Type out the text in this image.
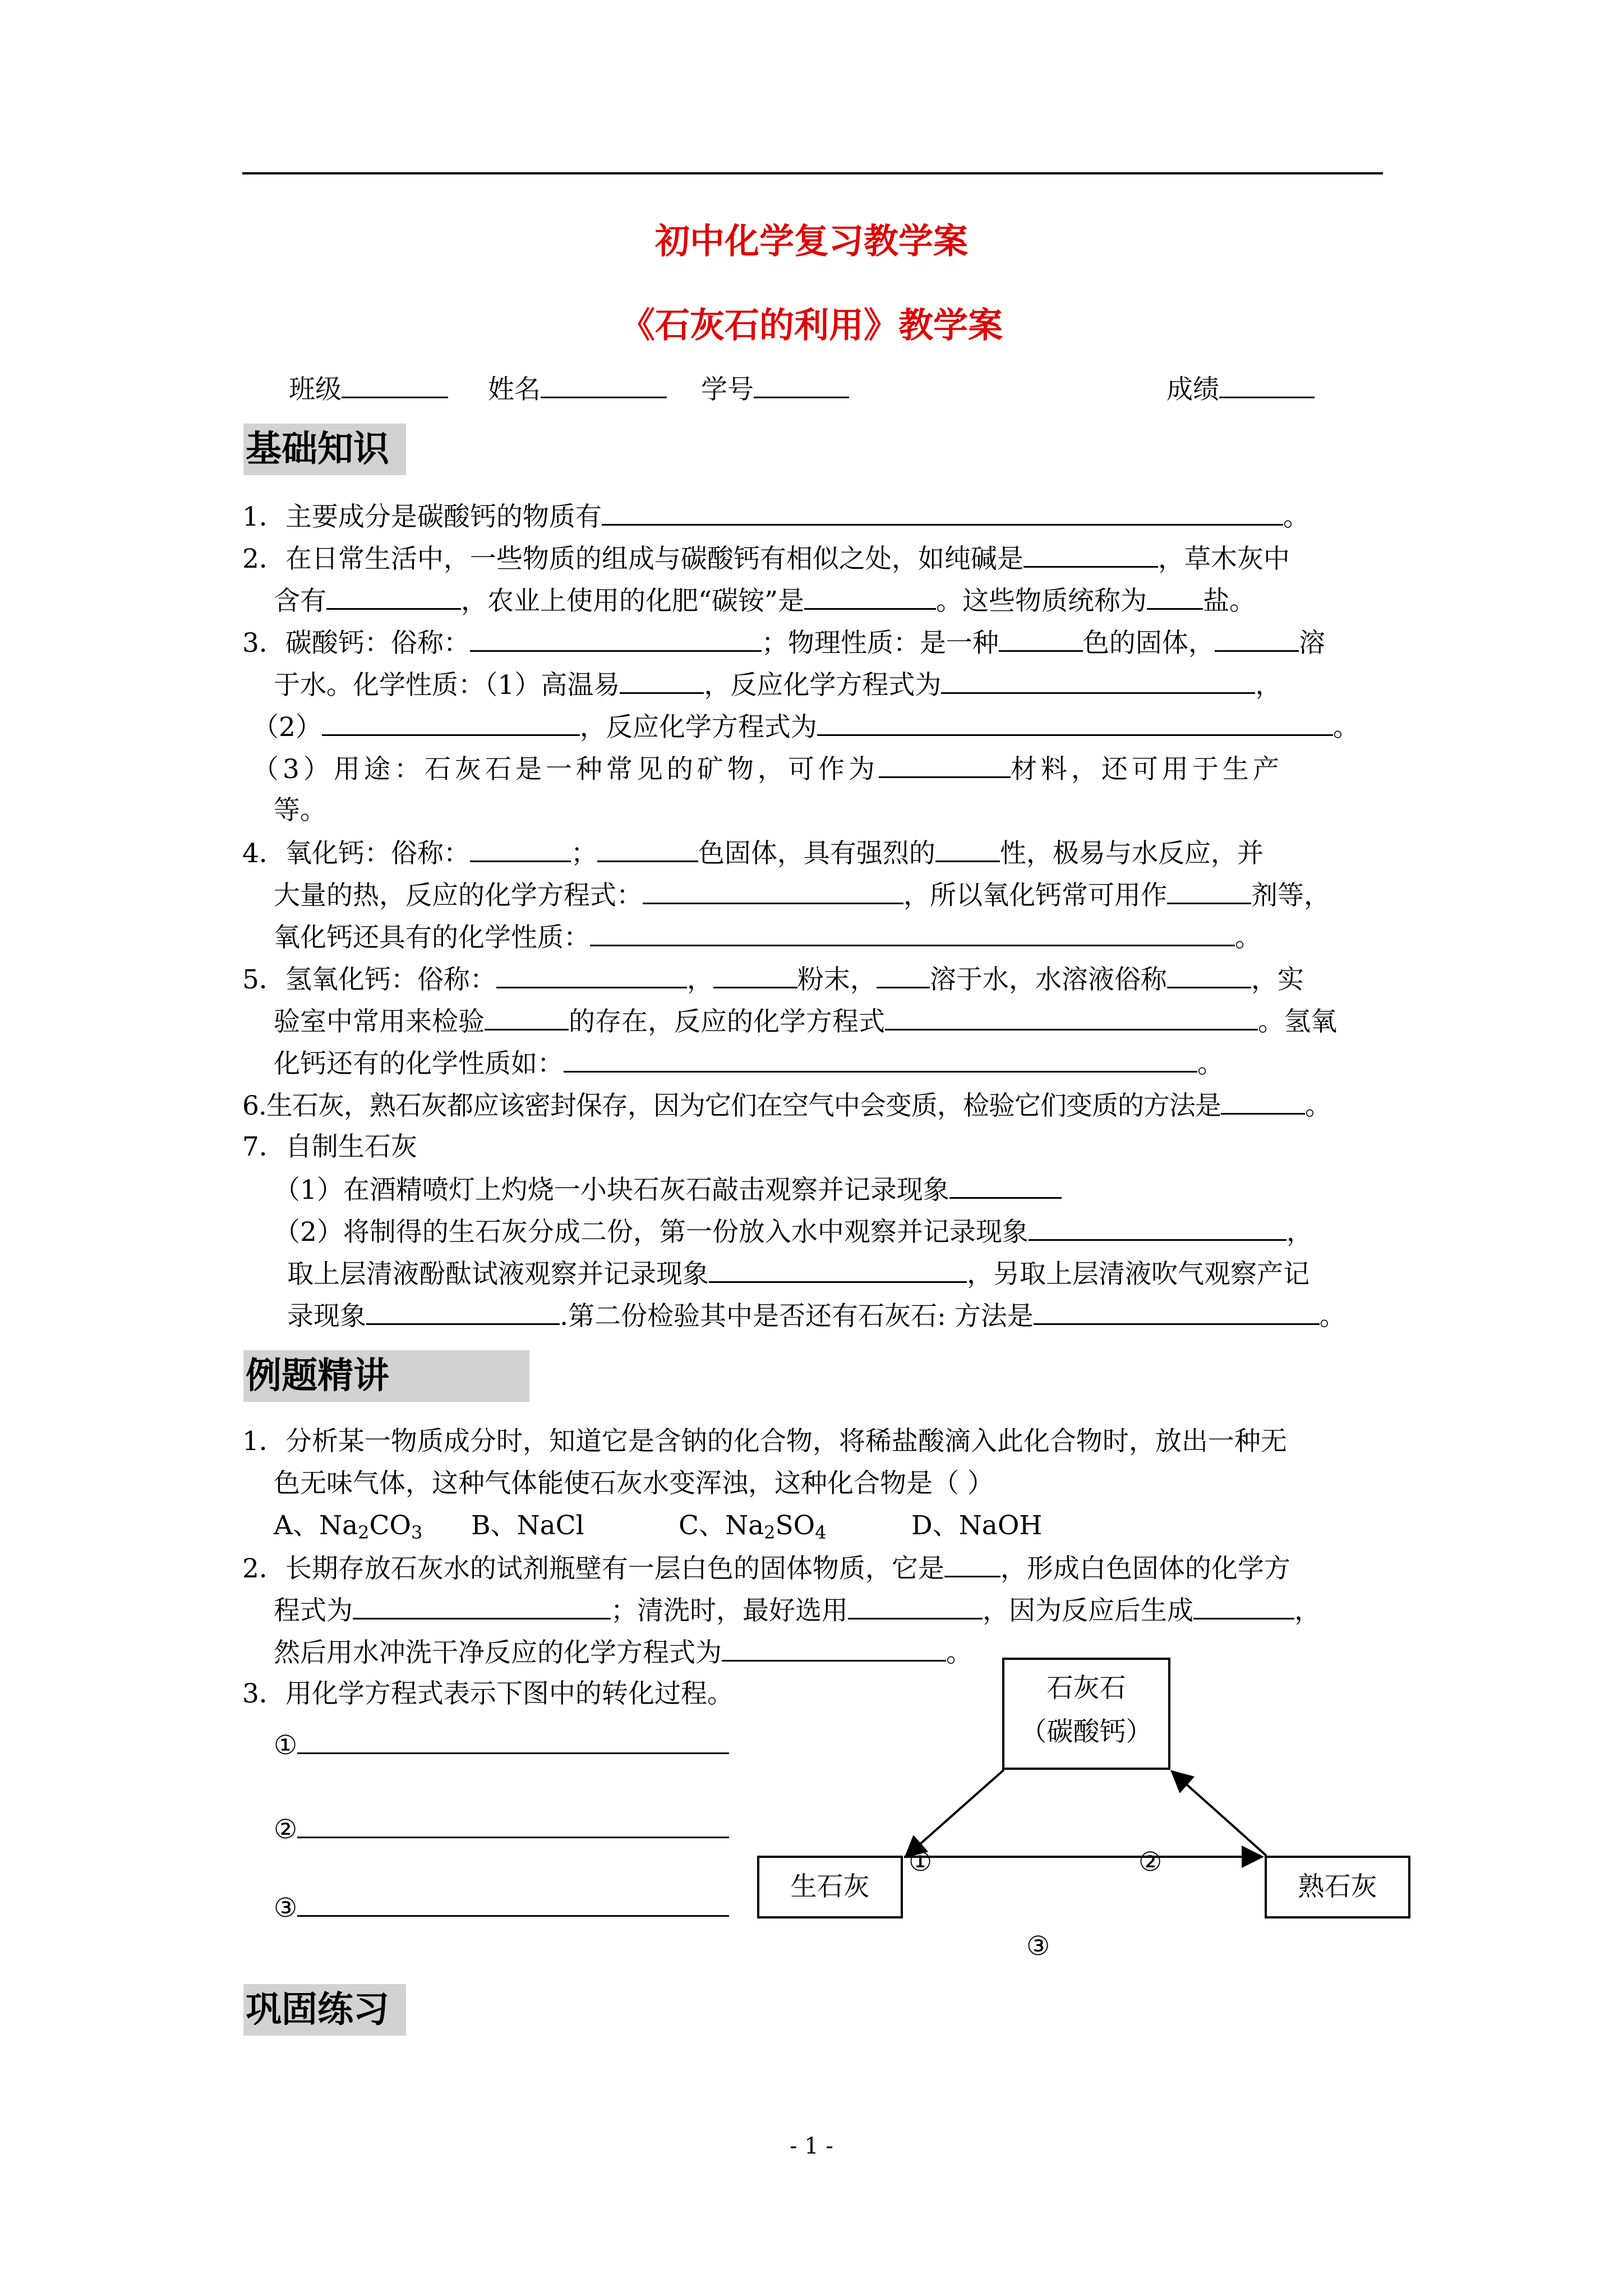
初中化学复习教学案
《石灰石的利用》教学案
班级	姓名	学号	成绩
基础知识
1．主要成分是碳酸钙的物质有	。
2．在日常生活中，一些物质的组成与碳酸钙有相似之处，如纯碱是	，草木灰中
含有	，农业上使用的化肥“碳铵”是	。这些物质统称为 盐。
3．碳酸钙：俗称：	；物理性质：是一种	色的固体，	溶
于水。化学性质：（1）高温易	，反应化学方程式为	，
（2）	，反应化学方程式为	。
（3）用途：石灰石是一种常见的矿物，可作为	材料，还可用于生产
等。
4．氧化钙：俗称：	；	色固体，具有强烈的 性，极易与水反应，并
大量的热，反应的化学方程式：	，所以氧化钙常可用作	剂等，
氧化钙还具有的化学性质：	。
5．氢氧化钙：俗称：	，	粉末， 溶于水，水溶液俗称	，实
验室中常用来检验	的存在，反应的化学方程式	。氢氧
化钙还有的化学性质如：	。
6.生石灰，熟石灰都应该密封保存，因为它们在空气中会变质，检验它们变质的方法是	。
7．自制生石灰
（1）在酒精喷灯上灼烧一小块石灰石敲击观察并记录现象
（2）将制得的生石灰分成二份，第一份放入水中观察并记录现象	，
取上层清液酚酞试液观察并记录现象	，另取上层清液吹气观察产记
录现象	.第二份检验其中是否还有石灰石: 方法是	。
例题精讲
1．分析某一物质成分时，知道它是含钠的化合物，将稀盐酸滴入此化合物时，放出一种无
色无味气体，这种气体能使石灰水变浑浊，这种化合物是（ ）
A、$Na_2CO_3$ B、NaCl	C、$Na_2SO_4$	D、NaOH
2．长期存放石灰水的试剂瓶壁有一层白色的固体物质，它是 ，形成白色固体的化学方
程式为	；清洗时，最好选用	，因为反应后生成	，
然后用水冲洗干净反应的化学方程式为	。
3．用化学方程式表示下图中的转化过程。
①
②
③
石灰石
（碳酸钙）
生石灰	熟石灰
①	②
③
巩固练习
- 1 -
